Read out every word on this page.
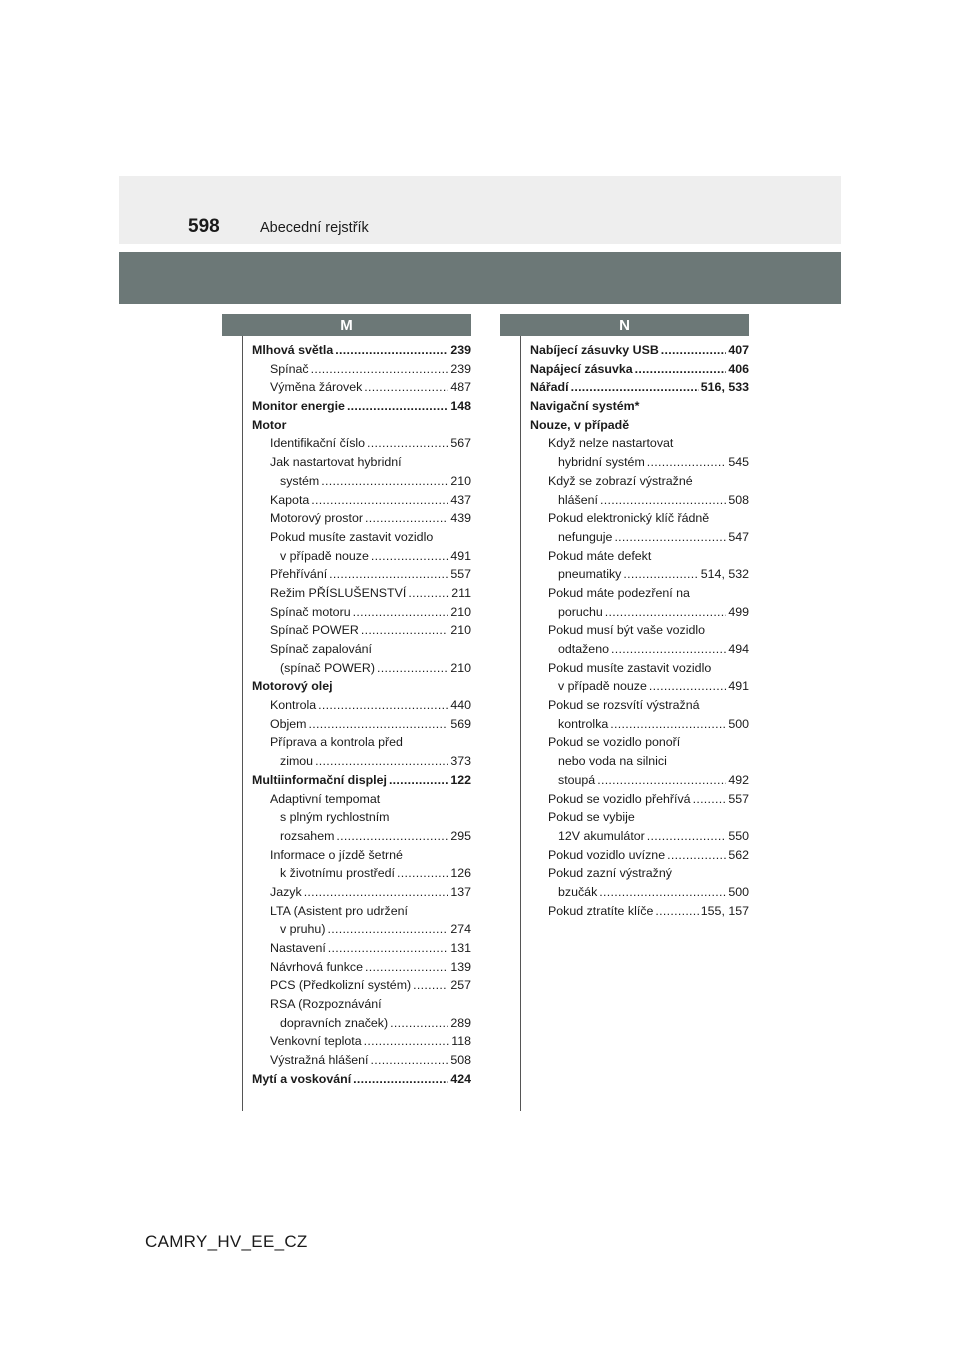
598	Abecední rejstřík
M	N
Mlhová světla .....	239
Spínač .....	239
Výměna žárovek .....	487
Monitor energie .....	148
Motor
Identifikační číslo .....	567
Jak nastartovat hybridní
systém .....	210
Kapota .....	437
Motorový prostor .....	439
Pokud musíte zastavit vozidlo
v případě nouze .....	491
Přehřívání .....	557
Režim PŘÍSLUŠENSTVÍ .....	211
Spínač motoru .....	210
Spínač POWER .....	210
Spínač zapalování
(spínač POWER) .....	210
Motorový olej
Kontrola .....	440
Objem .....	569
Příprava a kontrola před
zimou .....	373
Multiinformační displej .....	122
Adaptivní tempomat
s plným rychlostním
rozsahem .....	295
Informace o jízdě šetrné
k životnímu prostředí .....	126
Jazyk .....	137
LTA (Asistent pro udržení
v pruhu) .....	274
Nastavení .....	131
Návrhová funkce .....	139
PCS (Předkolizní systém) .....	257
RSA (Rozpoznávání
dopravních značek) .....	289
Venkovní teplota .....	118
Výstražná hlášení .....	508
Mytí a voskování .....	424
Nabíjecí zásuvky USB .....	407
Napájecí zásuvka .....	406
Nářadí .....	516, 533
Navigační systém*
Nouze, v případě
Když nelze nastartovat
hybridní systém .....	545
Když se zobrazí výstražné
hlášení .....	508
Pokud elektronický klíč řádně
nefunguje .....	547
Pokud máte defekt
pneumatiky .....	514, 532
Pokud máte podezření na
poruchu .....	499
Pokud musí být vaše vozidlo
odtaženo .....	494
Pokud musíte zastavit vozidlo
v případě nouze .....	491
Pokud se rozsvítí výstražná
kontrolka .....	500
Pokud se vozidlo ponoří
nebo voda na silnici
stoupá .....	492
Pokud se vozidlo přehřívá .....	557
Pokud se vybije
12V akumulátor .....	550
Pokud vozidlo uvízne .....	562
Pokud zazní výstražný
bzučák .....	500
Pokud ztratíte klíče .....	155, 157
CAMRY_HV_EE_CZ
